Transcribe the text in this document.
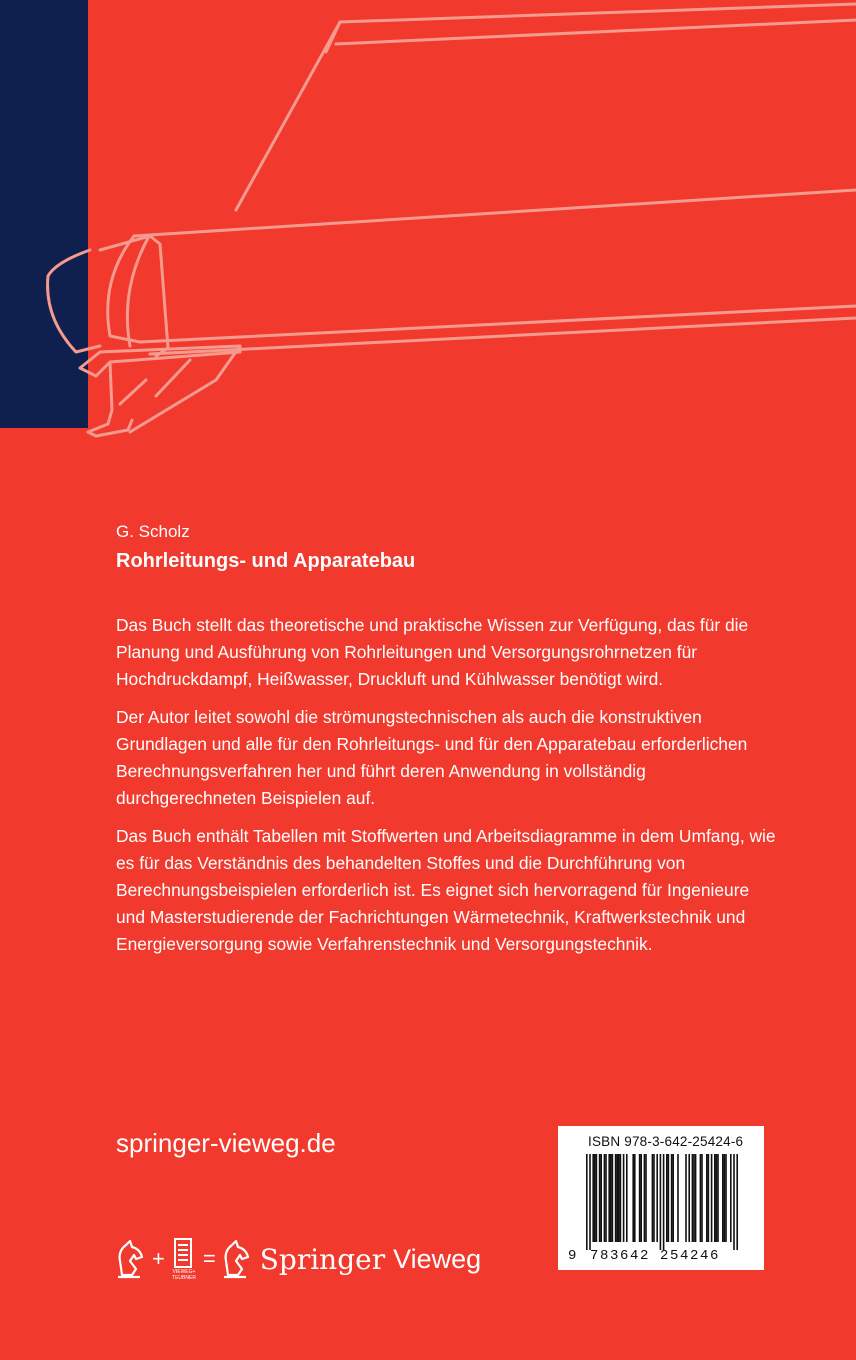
G. Scholz
Rohrleitungs- und Apparatebau

Das Buch stellt das theoretische und praktische Wissen zur Verfügung, das für die Planung und Ausführung von Rohrleitungen und Versorgungsrohrnetzen für Hochdruckdampf, Heißwasser, Druckluft und Kühlwasser benötigt wird.

Der Autor leitet sowohl die strömungstechnischen als auch die konstruktiven Grundlagen und alle für den Rohrleitungs- und für den Apparatebau erforderlichen Berechnungsverfahren her und führt deren Anwendung in vollständig durchgerechneten Beispielen auf.

Das Buch enthält Tabellen mit Stoffwerten und Arbeitsdiagramme in dem Umfang, wie es für das Verständnis des behandelten Stoffes und die Durchführung von Berechnungsbeispielen erforderlich ist. Es eignet sich hervorragend für Ingenieure und Masterstudierende der Fachrichtungen Wärmetechnik, Kraftwerkstechnik und Energieversorgung sowie Verfahrenstechnik und Versorgungstechnik.

springer-vieweg.de
+
VIEWEG+
TEUBNER
= Springer Vieweg
ISBN 978-3-642-25424-6
9 783642 254246
